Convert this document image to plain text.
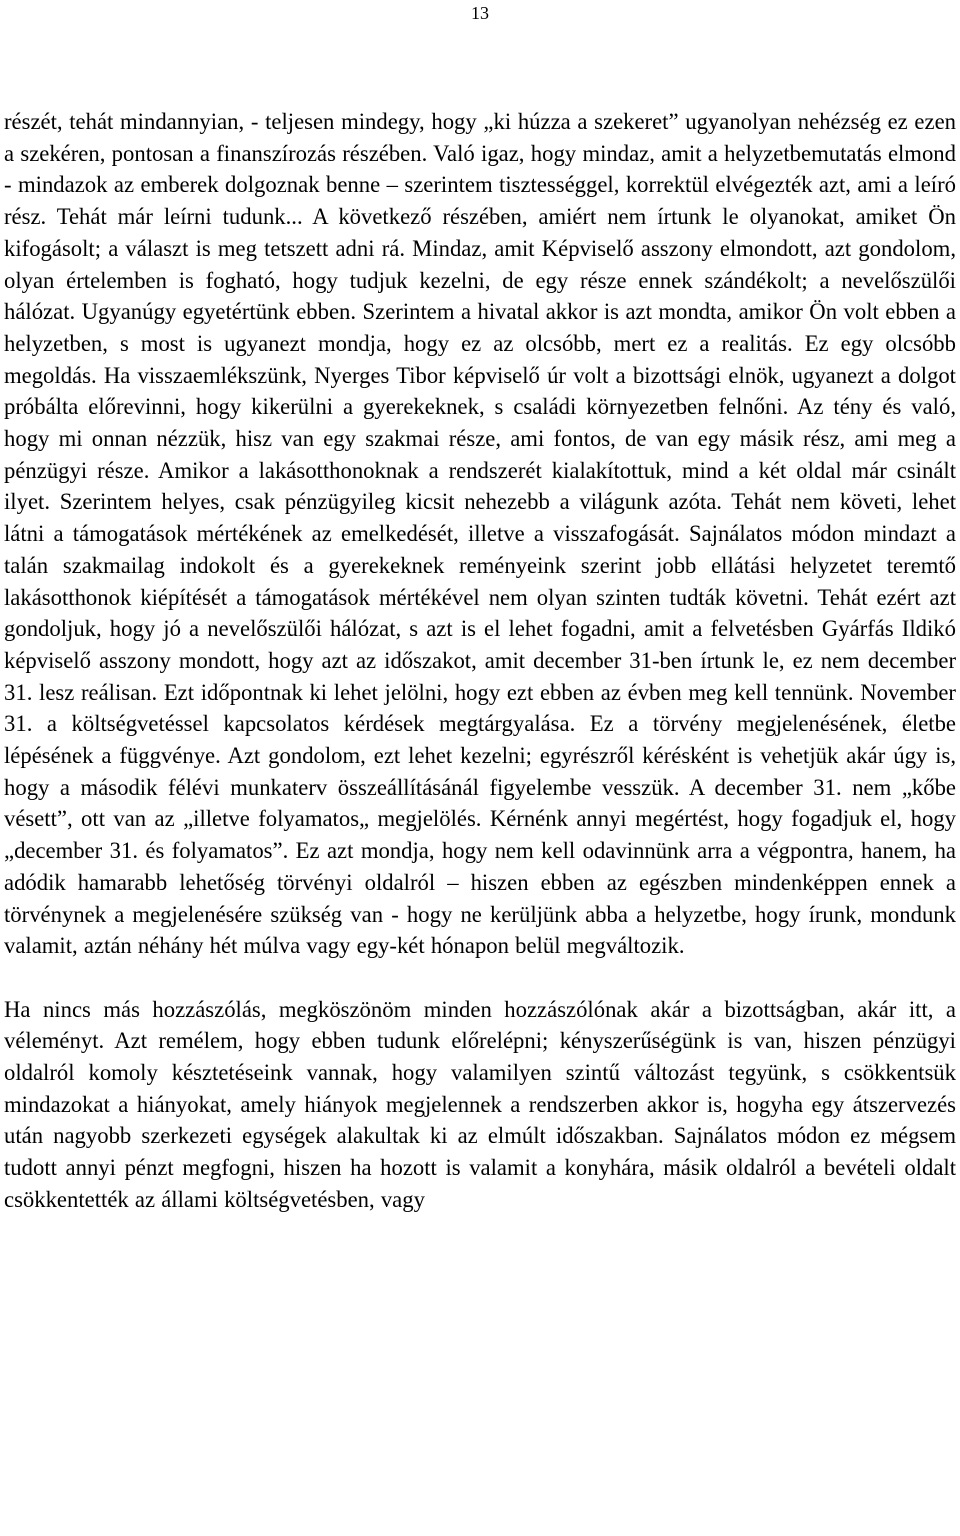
13

részét, tehát mindannyian, - teljesen mindegy, hogy „ki húzza a szekeret” ugyanolyan nehézség ez ezen a szekéren, pontosan a finanszírozás részében. Való igaz, hogy mindaz, amit a helyzetbemutatás elmond - mindazok az emberek dolgoznak benne – szerintem tisztességgel, korrektül elvégezték azt, ami a leíró rész. Tehát már leírni tudunk... A következő részében, amiért nem írtunk le olyanokat, amiket Ön kifogásolt; a választ is meg tetszett adni rá. Mindaz, amit Képviselő asszony elmondott, azt gondolom, olyan értelemben is fogható, hogy tudjuk kezelni, de egy része ennek szándékolt; a nevelőszülői hálózat. Ugyanúgy egyetértünk ebben. Szerintem a hivatal akkor is azt mondta, amikor Ön volt ebben a helyzetben, s most is ugyanezt mondja, hogy ez az olcsóbb, mert ez a realitás. Ez egy olcsóbb megoldás. Ha visszaemlékszünk, Nyerges Tibor képviselő úr volt a bizottsági elnök, ugyanezt a dolgot próbálta előrevinni, hogy kikerülni a gyerekeknek, s családi környezetben felnőni. Az tény és való, hogy mi onnan nézzük, hisz van egy szakmai része, ami fontos, de van egy másik rész, ami meg a pénzügyi része. Amikor a lakásotthonoknak a rendszerét kialakítottuk, mind a két oldal már csinált ilyet. Szerintem helyes, csak pénzügyileg kicsit nehezebb a világunk azóta. Tehát nem követi, lehet látni a támogatások mértékének az emelkedését, illetve a visszafogását. Sajnálatos módon mindazt a talán szakmailag indokolt és a gyerekeknek reményeink szerint jobb ellátási helyzetet teremtő lakásotthonok kiépítését a támogatások mértékével nem olyan szinten tudták követni. Tehát ezért azt gondoljuk, hogy jó a nevelőszülői hálózat, s azt is el lehet fogadni, amit a felvetésben Gyárfás Ildikó képviselő asszony mondott, hogy azt az időszakot, amit december 31-ben írtunk le, ez nem december 31. lesz reálisan. Ezt időpontnak ki lehet jelölni, hogy ezt ebben az évben meg kell tennünk. November 31. a költségvetéssel kapcsolatos kérdések megtárgyalása. Ez a törvény megjelenésének, életbe lépésének a függvénye. Azt gondolom, ezt lehet kezelni; egyrészről kérésként is vehetjük akár úgy is, hogy a második félévi munkaterv összeállításánál figyelembe vesszük. A december 31. nem „kőbe vésett”, ott van az „illetve folyamatos„ megjelölés. Kérnénk annyi megértést, hogy fogadjuk el, hogy „december 31. és folyamatos”. Ez azt mondja, hogy nem kell odavinnünk arra a végpontra, hanem, ha adódik hamarabb lehetőség törvényi oldalról – hiszen ebben az egészben mindenképpen ennek a törvénynek a megjelenésére szükség van - hogy ne kerüljünk abba a helyzetbe, hogy írunk, mondunk valamit, aztán néhány hét múlva vagy egy-két hónapon belül megváltozik.

Ha nincs más hozzászólás, megköszönöm minden hozzászólónak akár a bizottságban, akár itt, a véleményt. Azt remélem, hogy ebben tudunk előrelépni; kényszerűségünk is van, hiszen pénzügyi oldalról komoly késztetéseink vannak, hogy valamilyen szintű változást tegyünk, s csökkentsük mindazokat a hiányokat, amely hiányok megjelennek a rendszerben akkor is, hogyha egy átszervezés után nagyobb szerkezeti egységek alakultak ki az elmúlt időszakban. Sajnálatos módon ez mégsem tudott annyi pénzt megfogni, hiszen ha hozott is valamit a konyhára, másik oldalról a bevételi oldalt csökkentették az állami költségvetésben, vagy
